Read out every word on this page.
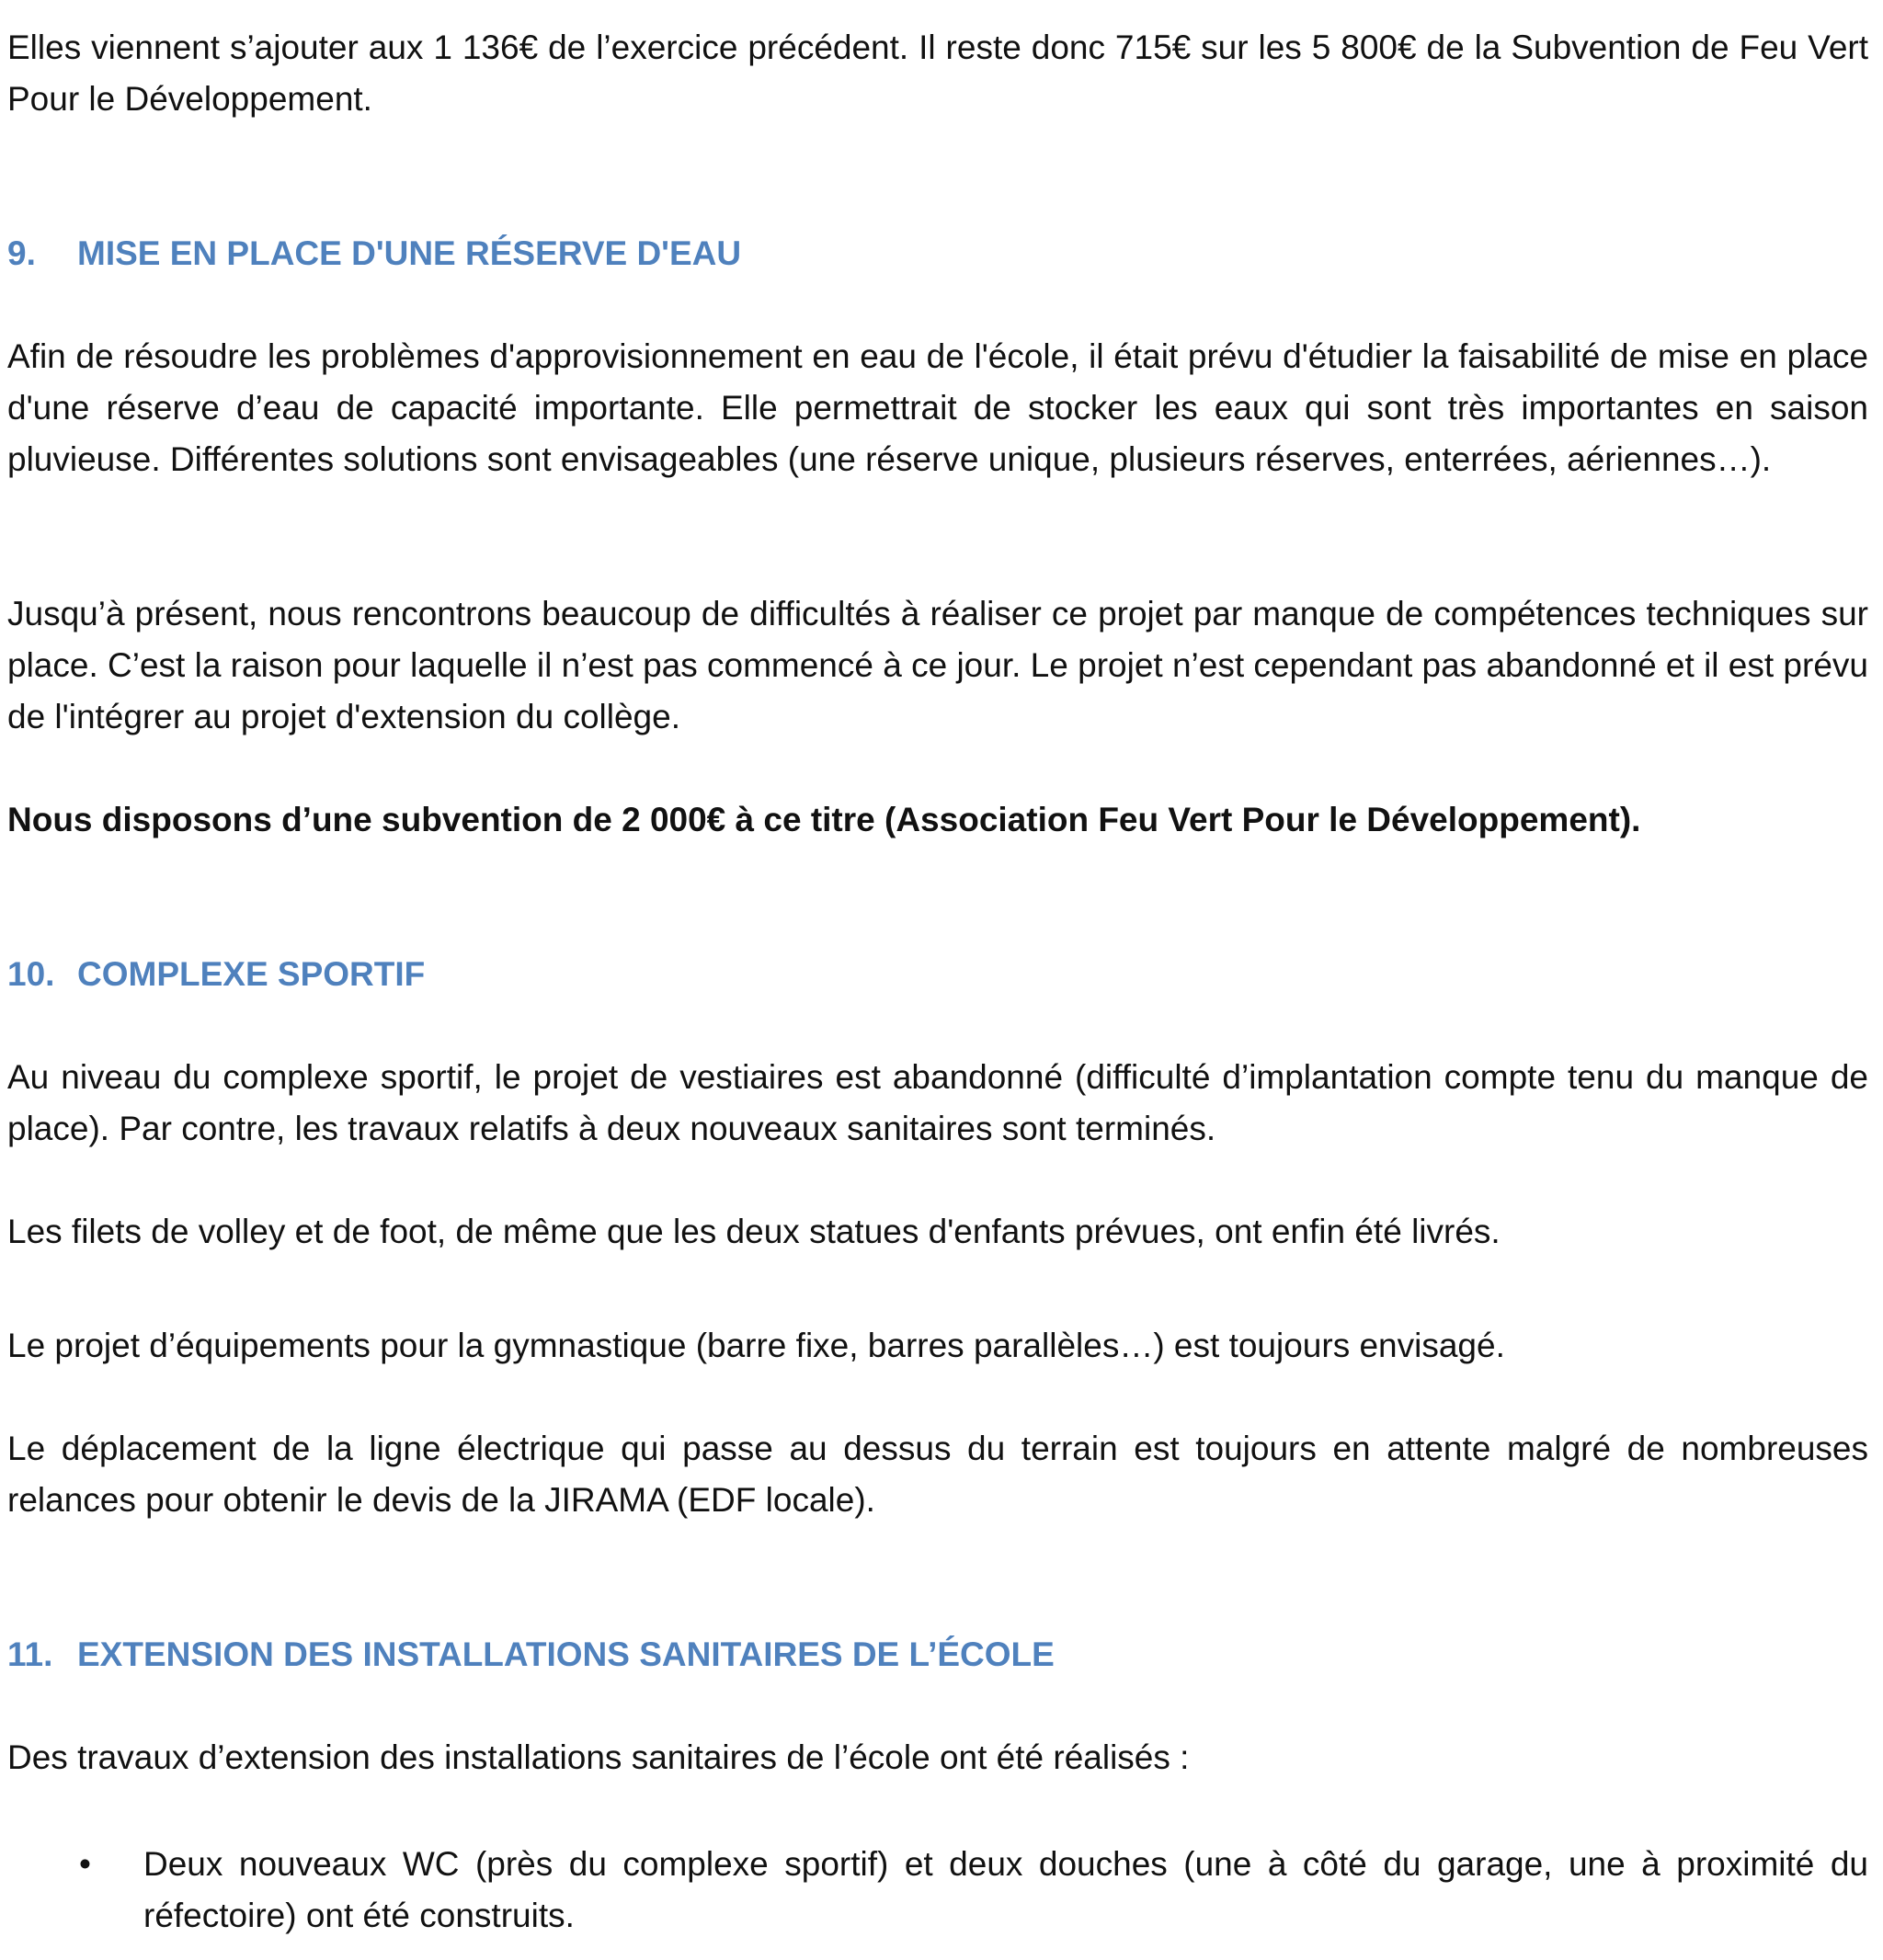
Elles viennent s’ajouter aux 1 136€ de l’exercice précédent. Il reste donc 715€ sur les 5 800€ de la Subvention de Feu Vert Pour le Développement.

9. MISE EN PLACE D'UNE RÉSERVE D'EAU

Afin de résoudre les problèmes d'approvisionnement en eau de l'école, il était prévu d'étudier la faisabilité de mise en place d'une réserve d’eau de capacité importante. Elle permettrait de stocker les eaux qui sont très importantes en saison pluvieuse. Différentes solutions sont envisageables (une réserve unique, plusieurs réserves, enterrées, aériennes…).

Jusqu’à présent, nous rencontrons beaucoup de difficultés à réaliser ce projet par manque de compétences techniques sur place. C’est la raison pour laquelle il n’est pas commencé à ce jour. Le projet n’est cependant pas abandonné et il est prévu de l'intégrer au projet d'extension du collège.

Nous disposons d’une subvention de 2 000€ à ce titre (Association Feu Vert Pour le Développement).

10. COMPLEXE SPORTIF

Au niveau du complexe sportif, le projet de vestiaires est abandonné (difficulté d’implantation compte tenu du manque de place). Par contre, les travaux relatifs à deux nouveaux sanitaires sont terminés.

Les filets de volley et de foot, de même que les deux statues d'enfants prévues, ont enfin été livrés.

Le projet d’équipements pour la gymnastique (barre fixe, barres parallèles…) est toujours envisagé.

Le déplacement de la ligne électrique qui passe au dessus du terrain est toujours en attente malgré de nombreuses relances pour obtenir le devis de la JIRAMA (EDF locale).

11. EXTENSION DES INSTALLATIONS SANITAIRES DE L’ÉCOLE

Des travaux d’extension des installations sanitaires de l’école ont été réalisés :

• Deux nouveaux WC (près du complexe sportif) et deux douches (une à côté du garage, une à proximité du réfectoire) ont été construits.
